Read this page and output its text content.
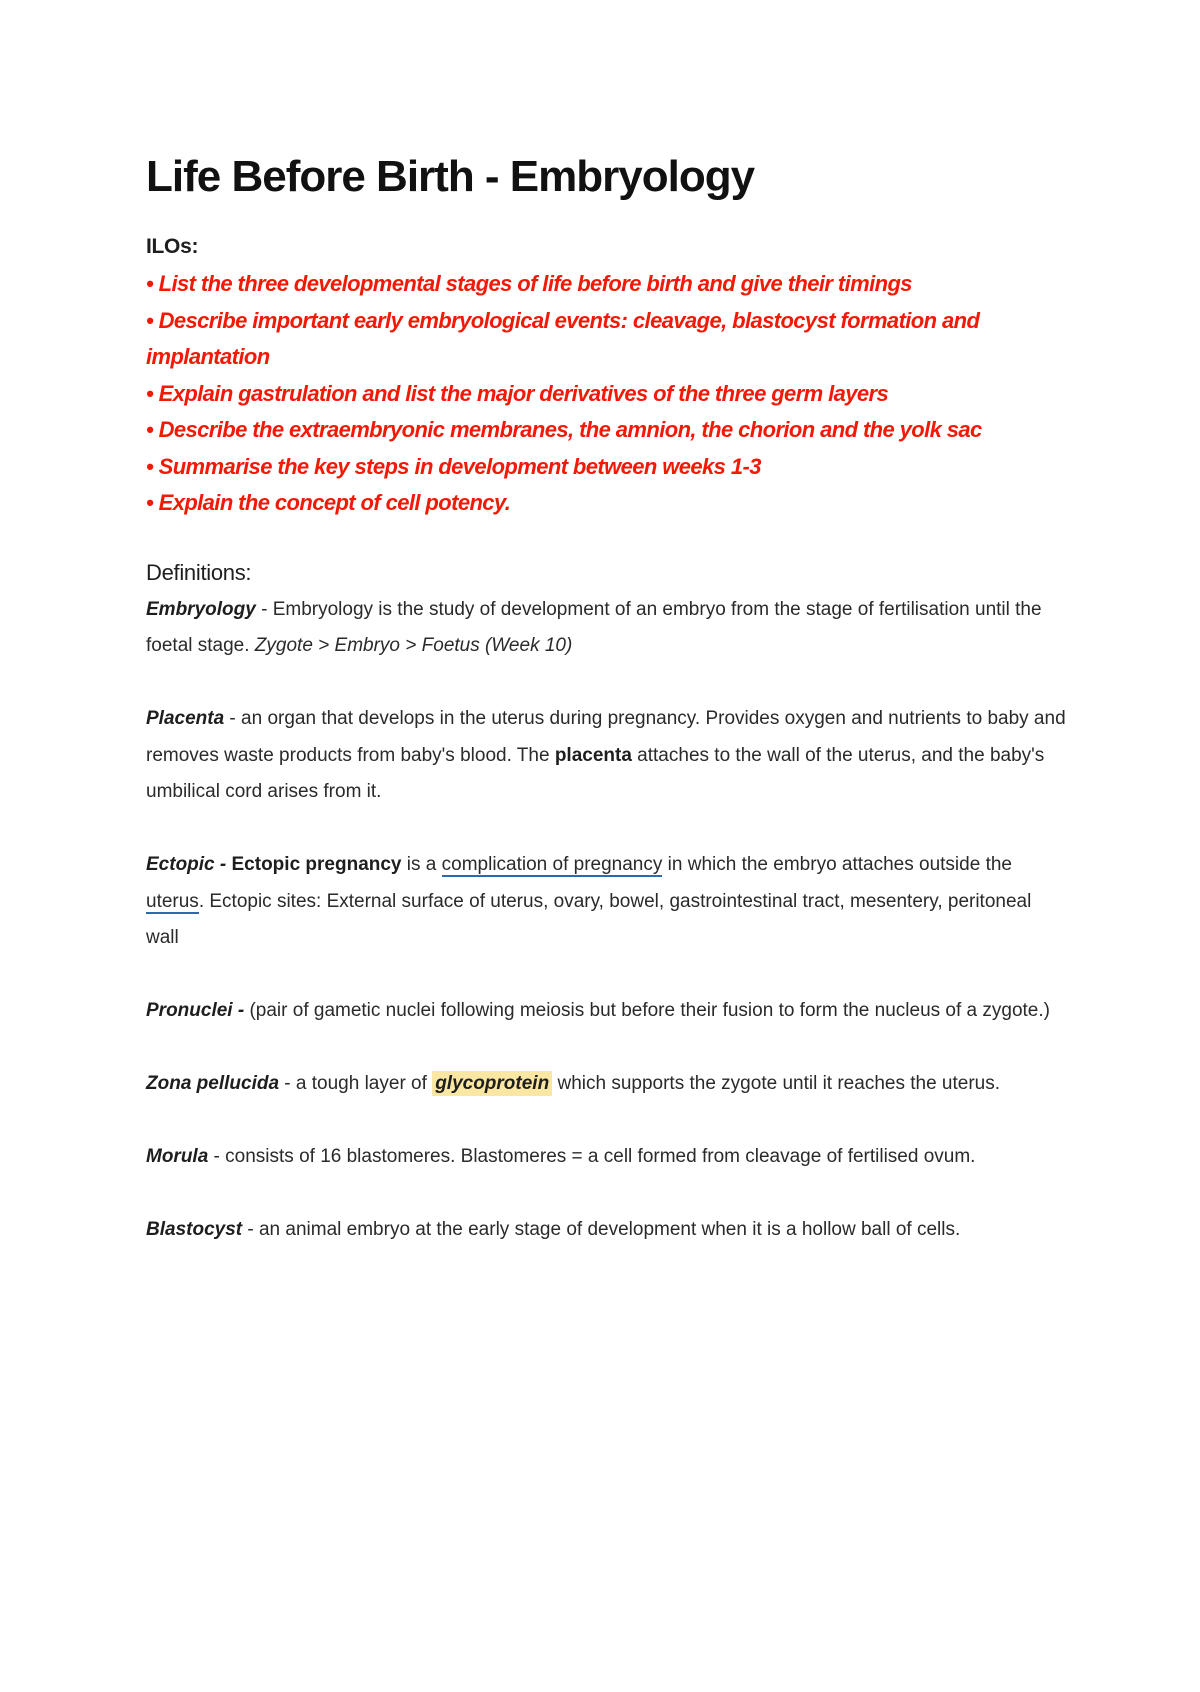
Life Before Birth - Embryology
ILOs:
• List the three developmental stages of life before birth and give their timings
• Describe important early embryological events: cleavage, blastocyst formation and implantation
• Explain gastrulation and list the major derivatives of the three germ layers
• Describe the extraembryonic membranes, the amnion, the chorion and the yolk sac
• Summarise the key steps in development between weeks 1-3
• Explain the concept of cell potency.
Definitions:

Embryology - Embryology is the study of development of an embryo from the stage of fertilisation until the foetal stage. Zygote > Embryo > Foetus (Week 10)

Placenta - an organ that develops in the uterus during pregnancy. Provides oxygen and nutrients to baby and removes waste products from baby's blood. The placenta attaches to the wall of the uterus, and the baby's umbilical cord arises from it.

Ectopic - Ectopic pregnancy is a complication of pregnancy in which the embryo attaches outside the uterus. Ectopic sites: External surface of uterus, ovary, bowel, gastrointestinal tract, mesentery, peritoneal wall

Pronuclei - (pair of gametic nuclei following meiosis but before their fusion to form the nucleus of a zygote.)

Zona pellucida - a tough layer of glycoprotein which supports the zygote until it reaches the uterus.

Morula - consists of 16 blastomeres. Blastomeres = a cell formed from cleavage of fertilised ovum.

Blastocyst - an animal embryo at the early stage of development when it is a hollow ball of cells.
